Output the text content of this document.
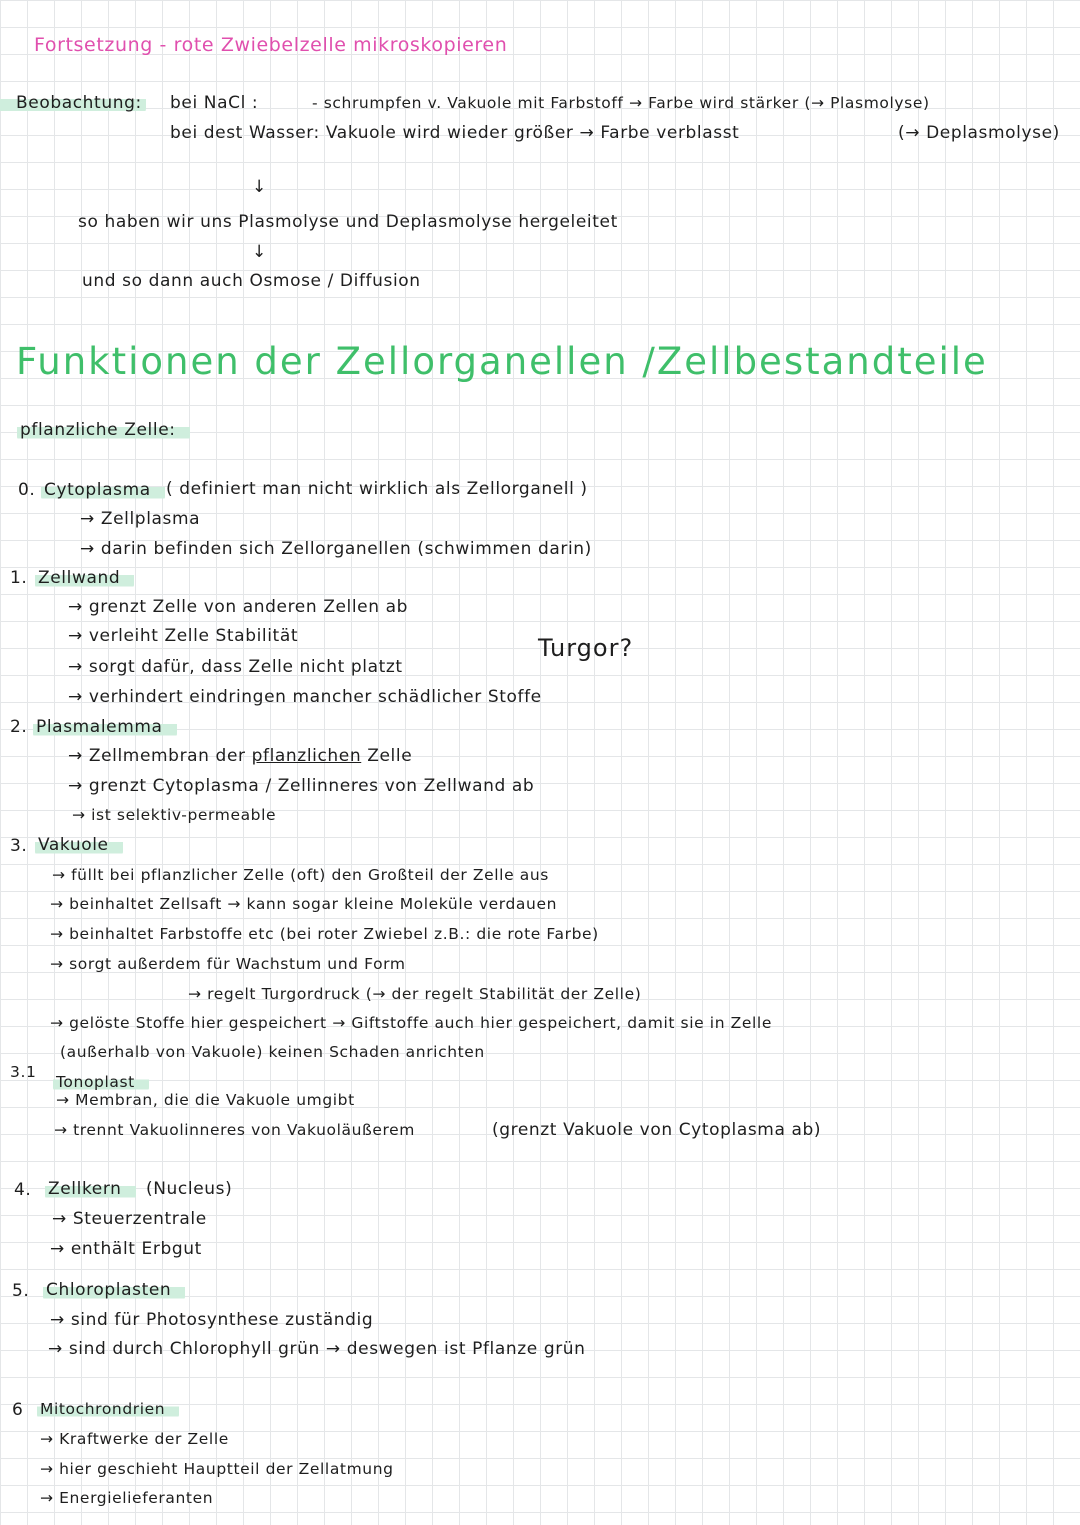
Fortsetzung - rote Zwiebelzelle mikroskopieren
Beobachtung: bei NaCl :	- schrumpfen v. Vakuole mit Farbstoff → Farbe wird stärker (→ Plasmolyse)
bei dest Wasser: Vakuole wird wieder größer → Farbe verblasst	(→ Deplasmolyse)
↓
so haben wir uns Plasmolyse und Deplasmolyse hergeleitet
↓
und so dann auch Osmose / Diffusion
Funktionen der Zellorganellen /Zellbestandteile
pflanzliche Zelle:
0. Cytoplasma ( definiert man nicht wirklich als Zellorganell )
→ Zellplasma
→ darin befinden sich Zellorganellen (schwimmen darin)
1. Zellwand
→ grenzt Zelle von anderen Zellen ab
→ verleiht Zelle Stabilität
→ sorgt dafür, dass Zelle nicht platzt
→ verhindert eindringen mancher schädlicher Stoffe
Turgor?
2. Plasmalemma
→ Zellmembran der pflanzlichen Zelle
→ grenzt Cytoplasma / Zellinneres von Zellwand ab
→ ist selektiv-permeable
3. Vakuole
→ füllt bei pflanzlicher Zelle (oft) den Großteil der Zelle aus
→ beinhaltet Zellsaft → kann sogar kleine Moleküle verdauen
→ beinhaltet Farbstoffe etc (bei roter Zwiebel z.B.: die rote Farbe)
→ sorgt außerdem für Wachstum und Form
→ regelt Turgordruck (→ der regelt Stabilität der Zelle)
→ gelöste Stoffe hier gespeichert → Giftstoffe auch hier gespeichert, damit sie in Zelle
(außerhalb von Vakuole) keinen Schaden anrichten
3.1
Tonoplast
→ Membran, die die Vakuole umgibt
→ trennt Vakuolinneres von Vakuoläußerem	(grenzt Vakuole von Cytoplasma ab)
4. Zellkern	(Nucleus)
→ Steuerzentrale
→ enthält Erbgut
5. Chloroplasten
→ sind für Photosynthese zuständig
→ sind durch Chlorophyll grün → deswegen ist Pflanze grün
6 Mitochrondrien
→ Kraftwerke der Zelle
→ hier geschieht Hauptteil der Zellatmung
→ Energielieferanten
